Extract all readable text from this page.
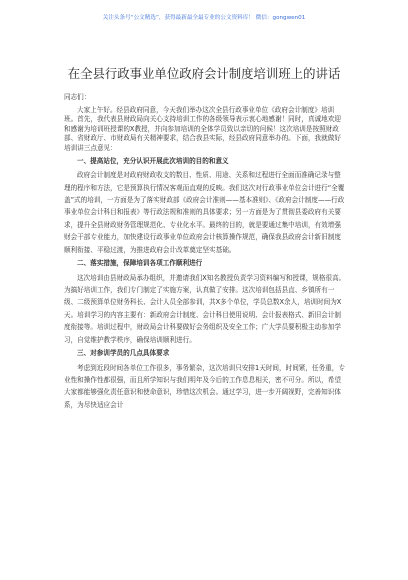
关注头条号“公文精选”，获得最新最全最专业的公文资料库！ 微信：gongwen01
在全县行政事业单位政府会计制度培训班上的讲话
同志们：
大家上午好。经县政府同意，今天我们举办这次全县行政事业单位《政府会计制度》培训班。首先，我代表县财政局向关心支持培训工作的各级领导表示衷心地感谢！同时，真诚地欢迎和感谢为培训班授课的X教授，并向参加培训的全体学员致以亲切的问候！这次培训是按照财政部、省财政厅、市财政局有关精神要求，结合我县实际，经县政府同意举办的。下面，我就做好培训讲三点意见：
一、提高站位，充分认识开展此次培训的目的和意义
政府会计制度是对政府财政收支的数目、性质、用途、关系和过程进行全面而准确记录与整理的程序和方法，它是预算执行情况客观而直观的反映。我们这次对行政事业单位会计进行“全覆盖”式的培训，一方面是为了落实财政部《政府会计准则——基本准则》、《政府会计制度——行政事业单位会计科目和报表》等行政法规和准则的具体要求；另一方面是为了贯彻县委政府有关要求，提升全县财政财务管理规范化、专业化水平。最终的目的，就是要通过集中培训，有效增强财会干部专业能力，加快建设行政事业单位政府会计核算操作规范，确保我县政府会计新旧制度顺利衔接、平稳过渡，为推进政府会计改革奠定坚实基础。
二、落实措施，保障培训各项工作顺利进行
这次培训由县财政局承办组织，并邀请我们X知名教授负责学习资料编写和授课，规格很高。为搞好培训工作，我们专门制定了实施方案，认真做了安排。这次培训包括县直、乡镇所有一级、二级预算单位财务科长、会计人员全部参训，共X多个单位，学员总数X余人，培训时间为X天。培训学习的内容主要有：新政府会计制度、会计科目使用说明、会计报表格式、新旧会计制度衔接等。培训过程中，财政局会计科要做好会务组织及安全工作；广大学员要积极主动参加学习，自觉维护教学秩序，确保培训顺利进行。
三、对参训学员的几点具体要求
考虑到近段时间各单位工作很多，事务繁杂，这次培训只安排1天时间，时间紧，任务重，专业性和操作性都很强，而且所学知识与我们明年及今后的工作息息相关，密不可分。所以，希望大家都能够强化责任意识和使命意识，珍惜这次机会。通过学习，进一步开阔视野，完善知识体系，为尽快适应会计
